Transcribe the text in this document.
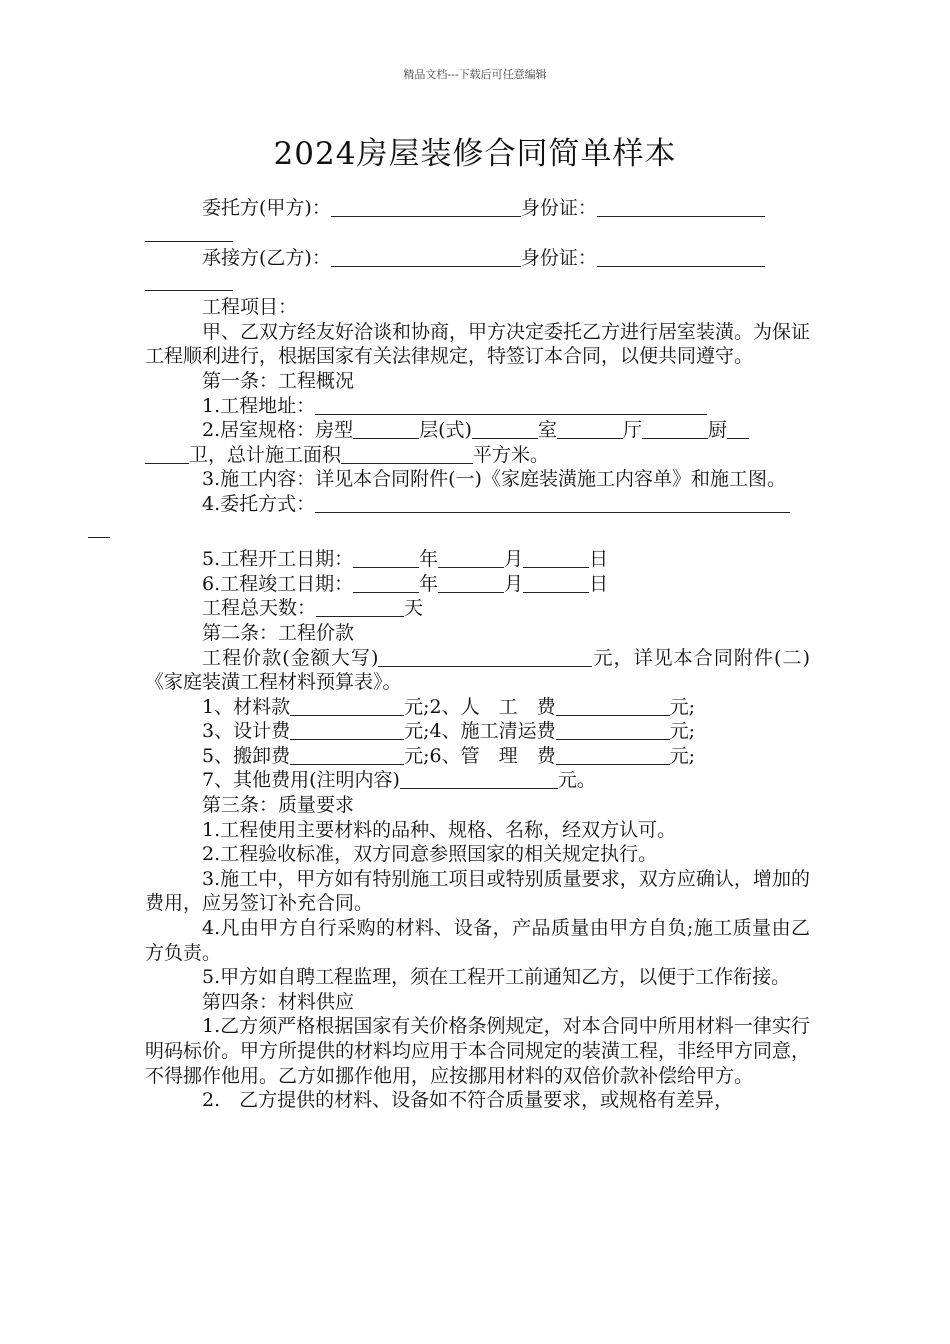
精品文档---下载后可任意编辑
2024房屋装修合同简单样本

委托方(甲方)：	身份证：

承接方(乙方)：	身份证：

工程项目：

甲、乙双方经友好洽谈和协商，甲方决定委托乙方进行居室装潢。为保证工程顺利进行，根据国家有关法律规定，特签订本合同，以便共同遵守。

第一条：工程概况

1.工程地址：

2.居室规格：房型	层(式)	室	厅	厨
卫，总计施工面积	平方米。

3.施工内容：详见本合同附件(一)《家庭装潢施工内容单》和施工图。

4.委托方式：

5.工程开工日期：	年	月	日

6.工程竣工日期：	年	月	日

工程总天数：	天

第二条：工程价款

工程价款(金额大写)	元，详见本合同附件(二)《家庭装潢工程材料预算表》。

1、材料款	元;2、人　工　费	元;

3、设计费	元;4、施工清运费	元;

5、搬卸费	元;6、管　理　费	元;

7、其他费用(注明内容)	元。

第三条：质量要求

1.工程使用主要材料的品种、规格、名称，经双方认可。

2.工程验收标准，双方同意参照国家的相关规定执行。

3.施工中，甲方如有特别施工项目或特别质量要求，双方应确认，增加的费用，应另签订补充合同。

4.凡由甲方自行采购的材料、设备，产品质量由甲方自负;施工质量由乙方负责。

5.甲方如自聘工程监理，须在工程开工前通知乙方，以便于工作衔接。

第四条：材料供应

1.乙方须严格根据国家有关价格条例规定，对本合同中所用材料一律实行明码标价。甲方所提供的材料均应用于本合同规定的装潢工程，非经甲方同意，不得挪作他用。乙方如挪作他用，应按挪用材料的双倍价款补偿给甲方。

2.　乙方提供的材料、设备如不符合质量要求，或规格有差异，
